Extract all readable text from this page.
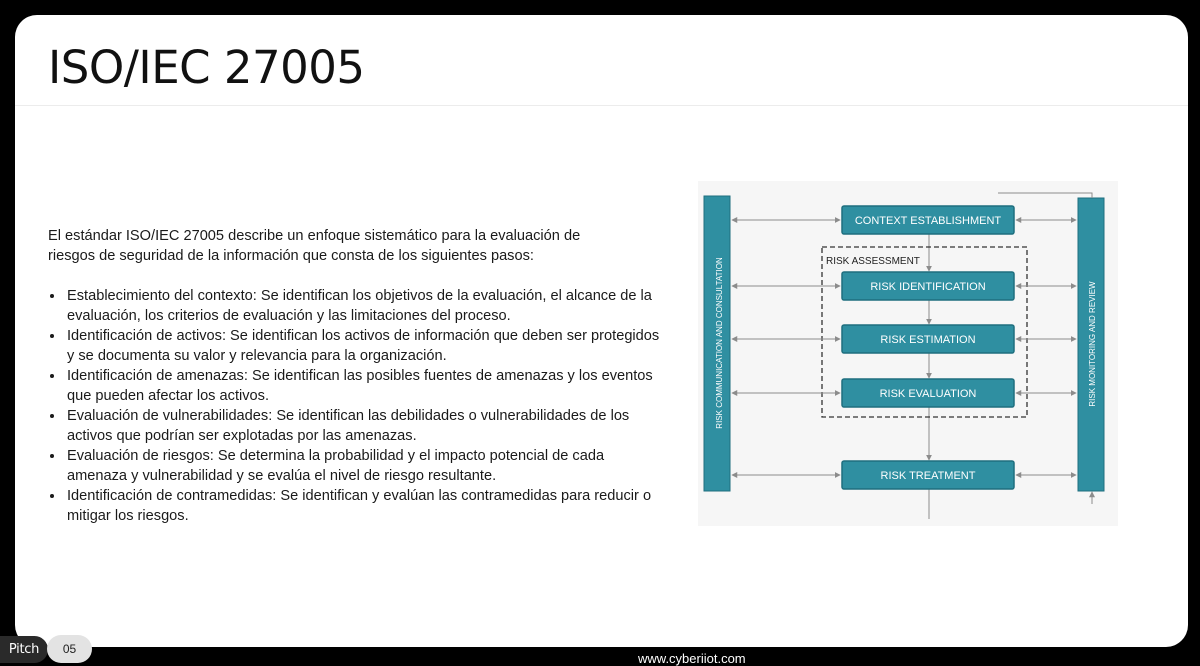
ISO/IEC 27005

El estándar ISO/IEC 27005 describe un enfoque sistemático para la evaluación de riesgos de seguridad de la información que consta de los siguientes pasos:

• Establecimiento del contexto: Se identifican los objetivos de la evaluación, el alcance de la evaluación, los criterios de evaluación y las limitaciones del proceso.
• Identificación de activos: Se identifican los activos de información que deben ser protegidos y se documenta su valor y relevancia para la organización.
• Identificación de amenazas: Se identifican las posibles fuentes de amenazas y los eventos que pueden afectar los activos.
• Evaluación de vulnerabilidades: Se identifican las debilidades o vulnerabilidades de los activos que podrían ser explotadas por las amenazas.
• Evaluación de riesgos: Se determina la probabilidad y el impacto potencial de cada amenaza y vulnerabilidad y se evalúa el nivel de riesgo resultante.
• Identificación de contramedidas: Se identifican y evalúan las contramedidas para reducir o mitigar los riesgos.
RISK COMMUNICATION AND CONSULTATION	RISK MONITORING AND REVIEW
RISK ASSESSMENT
CONTEXT ESTABLISHMENT
RISK IDENTIFICATION
RISK ESTIMATION
RISK EVALUATION
RISK TREATMENT
Pitch	05
www.cyberiiot.com
